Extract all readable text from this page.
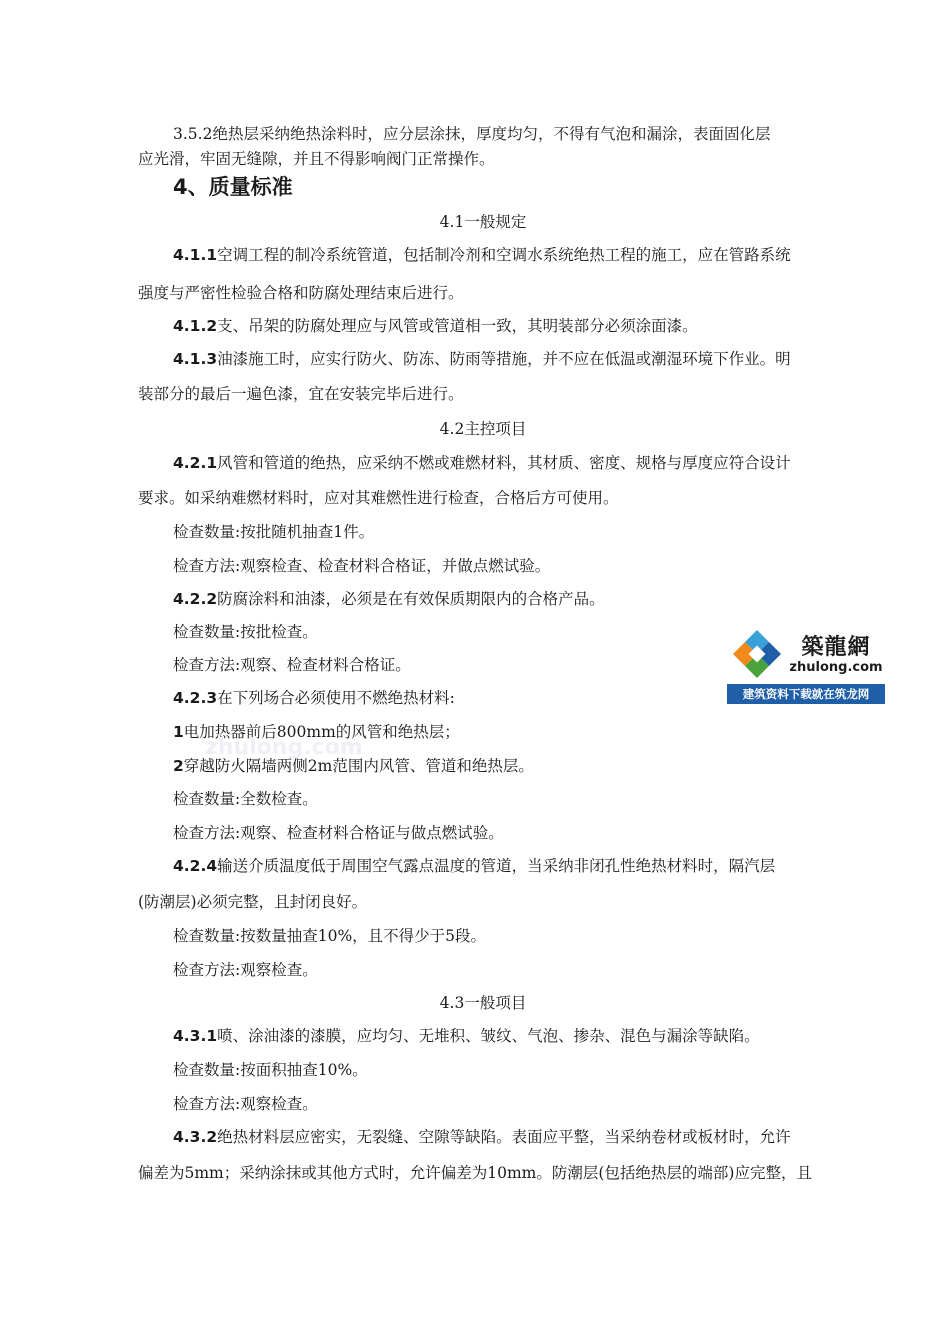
3.5.2绝热层采纳绝热涂料时，应分层涂抹，厚度均匀，不得有气泡和漏涂，表面固化层
应光滑，牢固无缝隙，并且不得影响阀门正常操作。
4、质量标准
4.1一般规定
4.1.1空调工程的制冷系统管道，包括制冷剂和空调水系统绝热工程的施工，应在管路系统
强度与严密性检验合格和防腐处理结束后进行。
4.1.2支、吊架的防腐处理应与风管或管道相一致，其明装部分必须涂面漆。
4.1.3油漆施工时，应实行防火、防冻、防雨等措施，并不应在低温或潮湿环境下作业。明
装部分的最后一遍色漆，宜在安装完毕后进行。
4.2主控项目
4.2.1风管和管道的绝热，应采纳不燃或难燃材料，其材质、密度、规格与厚度应符合设计
要求。如采纳难燃材料时，应对其难燃性进行检查，合格后方可使用。
检查数量:按批随机抽查1件。
检查方法:观察检查、检查材料合格证，并做点燃试验。
4.2.2防腐涂料和油漆，必须是在有效保质期限内的合格产品。
检查数量:按批检查。
检查方法:观察、检查材料合格证。
4.2.3在下列场合必须使用不燃绝热材料:
1电加热器前后800mm的风管和绝热层；
2穿越防火隔墙两侧2m范围内风管、管道和绝热层。
检查数量:全数检查。
检查方法:观察、检查材料合格证与做点燃试验。
4.2.4输送介质温度低于周围空气露点温度的管道，当采纳非闭孔性绝热材料时，隔汽层
(防潮层)必须完整，且封闭良好。
检查数量:按数量抽查10%，且不得少于5段。
检查方法:观察检查。
4.3一般项目
4.3.1喷、涂油漆的漆膜，应均匀、无堆积、皱纹、气泡、掺杂、混色与漏涂等缺陷。
检查数量:按面积抽查10%。
检查方法:观察检查。
4.3.2绝热材料层应密实，无裂缝、空隙等缺陷。表面应平整，当采纳卷材或板材时，允许
偏差为5mm；采纳涂抹或其他方式时，允许偏差为10mm。防潮层(包括绝热层的端部)应完整，且
zhulong.com
築龍網
zhulong.com
建筑资料下载就在筑龙网
